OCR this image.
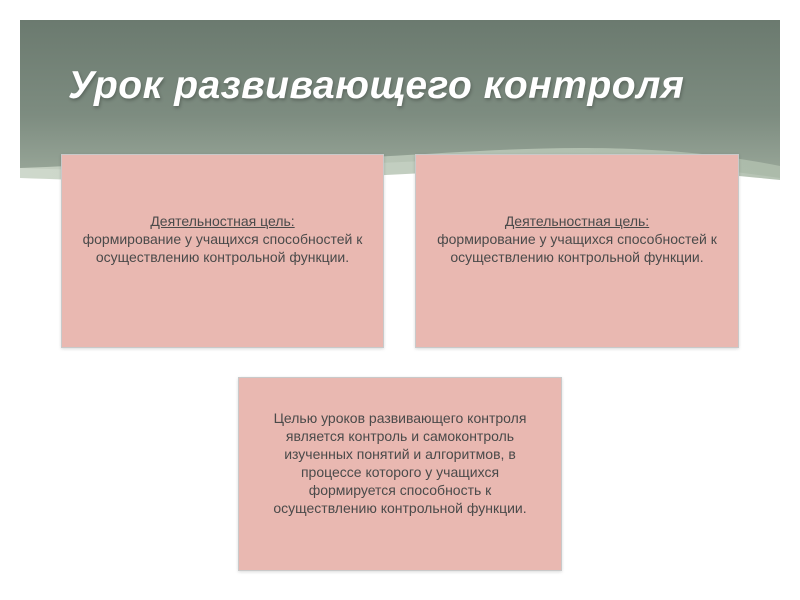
Урок развивающего контроля
Деятельностная цель:
формирование у учащихся способностей к осуществлению контрольной функции.
Деятельностная цель:
формирование у учащихся способностей к осуществлению контрольной функции.
Целью уроков развивающего контроля является контроль и самоконтроль изученных понятий и алгоритмов, в процессе которого у учащихся формируется способность к осуществлению контрольной функции.
